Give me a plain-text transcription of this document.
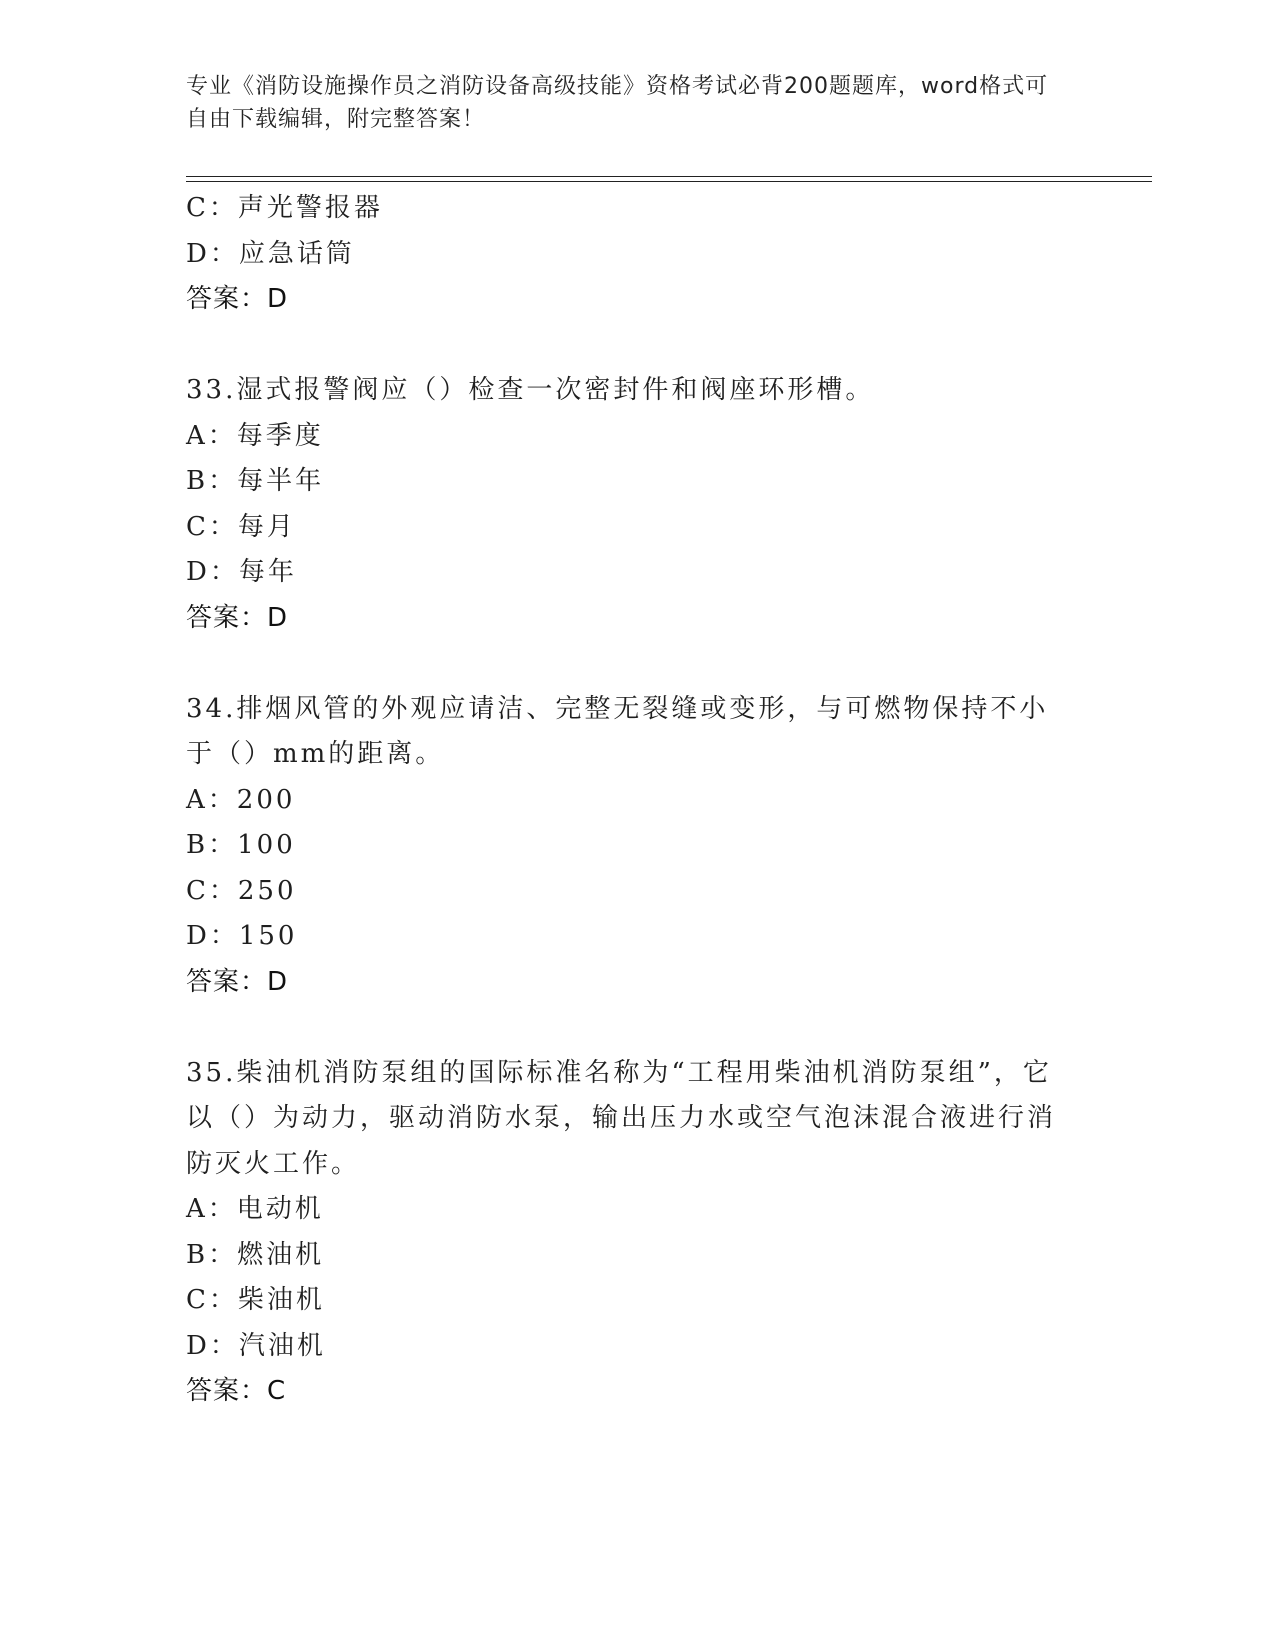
专业《消防设施操作员之消防设备高级技能》资格考试必背200题题库，word格式可自由下载编辑，附完整答案！
C：声光警报器
D：应急话筒
答案：D
33.湿式报警阀应（）检查一次密封件和阀座环形槽。
A：每季度
B：每半年
C：每月
D：每年
答案：D
34.排烟风管的外观应请洁、完整无裂缝或变形，与可燃物保持不小于（）mm的距离。
A：200
B：100
C：250
D：150
答案：D
35.柴油机消防泵组的国际标准名称为“工程用柴油机消防泵组”，它以（）为动力，驱动消防水泵，输出压力水或空气泡沫混合液进行消防灭火工作。
A：电动机
B：燃油机
C：柴油机
D：汽油机
答案：C
